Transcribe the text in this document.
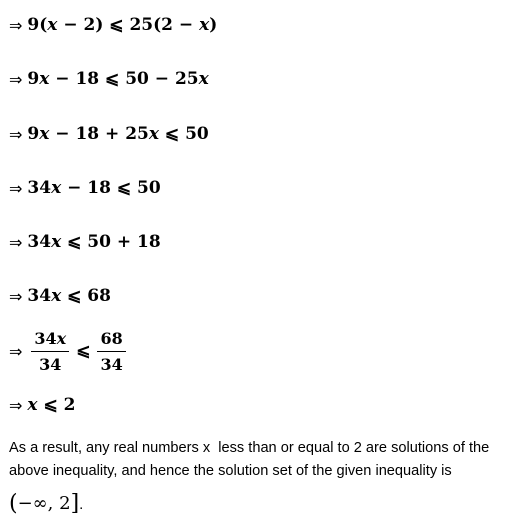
⇒ 9( x − 2) ⩽ 25(2 − x )
⇒ 9 x − 18 ⩽ 50 − 25 x
⇒ 9 x − 18 + 25 x ⩽ 50
⇒ 34 x − 18 ⩽ 50
⇒ 34 x ⩽ 50 + 18
⇒ 34 x ⩽ 68
⇒ $\frac{34x}{34}$ ⩽ $\frac{68}{34}$
⇒ x ⩽ 2

As a result, any real numbers x  less than or equal to 2 are solutions of the

above inequality, and hence the solution set of the given inequality is

( −∞, 2 ] .
